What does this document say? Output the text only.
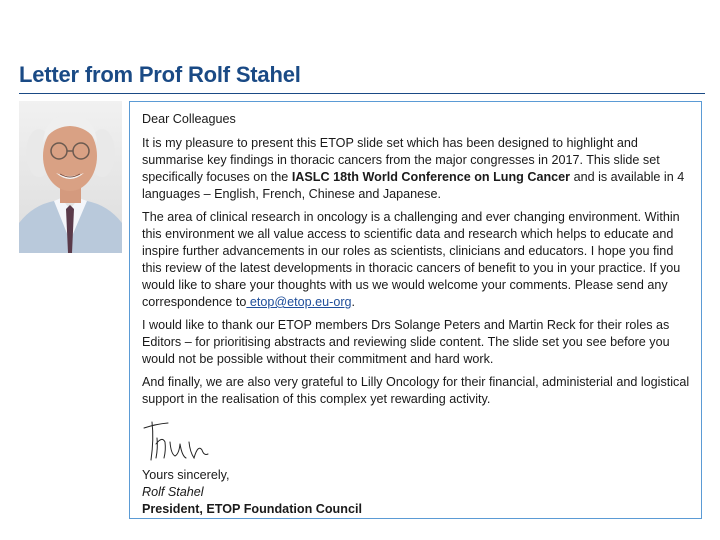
Letter from Prof Rolf Stahel

Dear Colleagues

It is my pleasure to present this ETOP slide set which has been designed to highlight and summarise key findings in thoracic cancers from the major congresses in 2017. This slide set specifically focuses on the IASLC 18th World Conference on Lung Cancer and is available in 4 languages – English, French, Chinese and Japanese.

The area of clinical research in oncology is a challenging and ever changing environment. Within this environment we all value access to scientific data and research which helps to educate and inspire further advancements in our roles as scientists, clinicians and educators. I hope you find this review of the latest developments in thoracic cancers of benefit to you in your practice. If you would like to share your thoughts with us we would welcome your comments. Please send any correspondence to etop@etop.eu-org.

I would like to thank our ETOP members Drs Solange Peters and Martin Reck for their roles as Editors – for prioritising abstracts and reviewing slide content. The slide set you see before you would not be possible without their commitment and hard work.

And finally, we are also very grateful to Lilly Oncology for their financial, administerial and logistical support in the realisation of this complex yet rewarding activity.

Yours sincerely,
Rolf Stahel
President, ETOP Foundation Council
